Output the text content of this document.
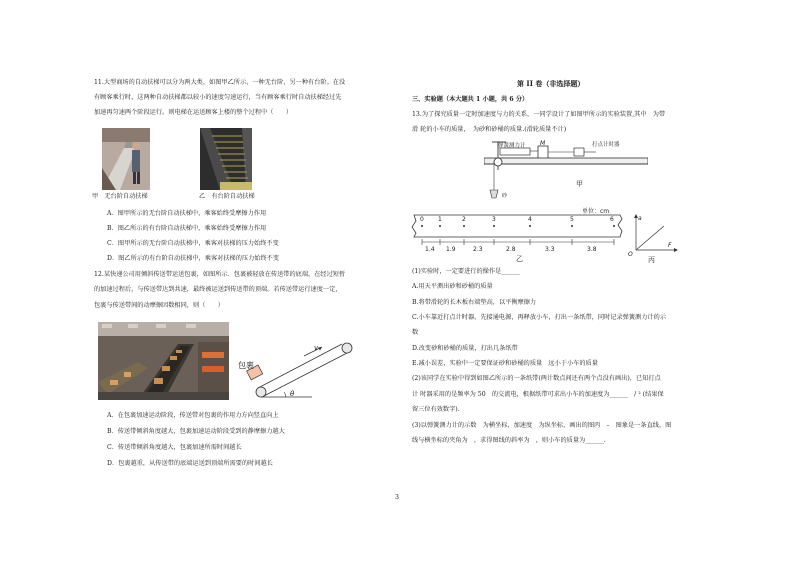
11.大型商场的自动扶梯可以分为两大类，如图甲乙所示，一种无台阶，另一种有台阶。在没
有顾客乘行时，这两种自动扶梯都以较小的速度匀速运行，当有顾客乘行时自动扶梯经过先
加速再匀速两个阶段运行。则电梯在运送顾客上楼的整个过程中（　　）
甲　无台阶自动扶梯	乙　有台阶自动扶梯
A．图甲所示的无台阶自动扶梯中，乘客始终受摩擦力作用
B．图乙所示的有台阶自动扶梯中，乘客始终受摩擦力作用
C．图甲所示的无台阶自动扶梯中，乘客对扶梯的压力始终不变
D．图乙所示的有台阶自动扶梯中，乘客对扶梯的压力始终不变
12.某快递公司用倾斜传送带运送包裹，如图所示．包裹被轻放在传送带的底端，在经过短暂
的加速过程后，与传送带达到共速，最终被运送到传送带的顶端。若传送带运行速度一定，
包裹与传送带间的动摩擦因数相同，则（　　）
包裹
v
θ
A．在包裹加速运动阶段，传送带对包裹的作用力方向竖直向上
B．传送带倾斜角度越大，包裹加速运动阶段受到的静摩擦力越大
C．传送带倾斜角度越大，包裹加速所需时间越长
D．包裹越重，从传送带的底端运送到顶端所需要的时间越长
第 II 卷（非选择题）
三、实验题（本大题共 1 小题，共 6 分）
13.为了探究质量一定时加速度与力的关系，一同学设计了如图甲所示的实验装置,其中　为带
滑 轮的小车的质量，　为砂和砂桶的质量.(滑轮质量不计)
砂
弹簧测力计 M	打点计时器
甲
0 1	2	3	4	5	6
1.4 1.9	2.3	2.8	3.3	3.8
单位：cm
乙
a
F
O
丙
(1)实验时，一定要进行的操作是______
A.用天平测出砂和砂桶的质量
B.将带滑轮的长木板右端垫高，以平衡摩擦力
C.小车靠近打点计时器，先接通电源，再释放小车，打出一条纸带，同时记录弹簧测力计的示
数
D.改变砂和砂桶的质量，打出几条纸带
E.减小误差，实验中一定要保证砂和砂桶的质量　远小于小车的质量
(2)该同学在实验中得到如图乙所示的一条纸带(两计数点间还有两个点没有画出)，已知打点
计 时器采用的是频率为 50　的交流电，根据纸带可求出小车的加速度为______　/ ² (结果保
留三位有效数字).
(3)以弹簧测力计的示数　为横坐标，加速度　为纵坐标，画出的图丙　–　图象是一条直线，图
线与横坐标的夹角为　，求得图线的斜率为　，则小车的质量为______.
3
